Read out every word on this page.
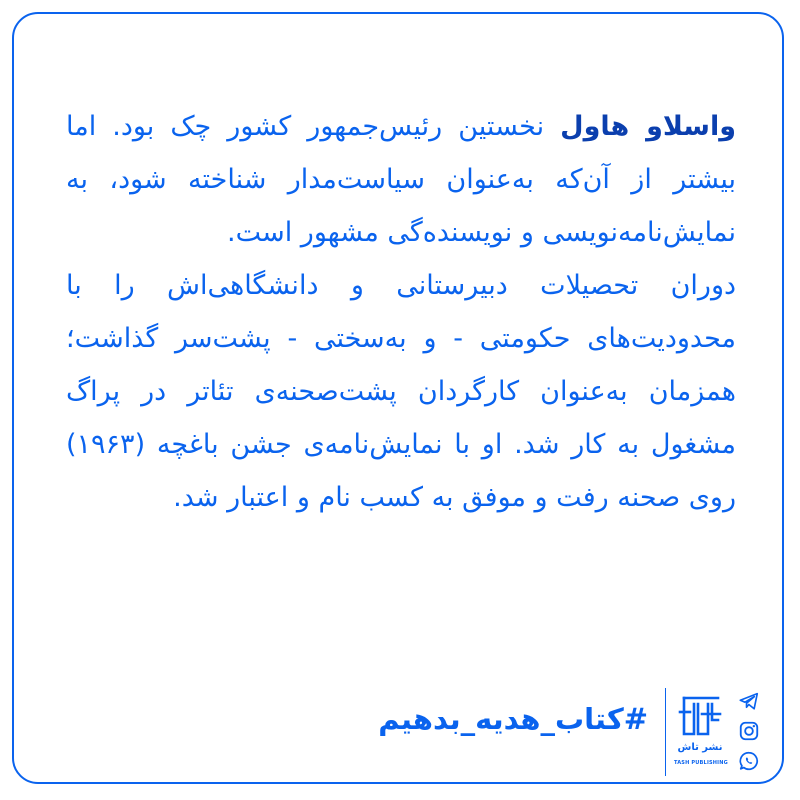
واسلاو هاول نخستین رئیس‌جمهور کشور چک بود. اما بیشتر از آن‌که به‌عنوان سیاست‌مدار شناخته شود، به نمایش‌نامه‌نویسی و نویسنده‌گی مشهور است.

دوران تحصیلات دبیرستانی و دانشگاهی‌اش را با محدودیت‌های حکومتی - و به‌سختی - پشت‌سر گذاشت؛ همزمان به‌عنوان کارگردان پشت‌صحنه‌ی تئاتر در پراگ مشغول به کار شد. او با نمایش‌نامه‌ی جشن باغچه (۱۹۶۳) روی صحنه رفت و موفق به کسب نام و اعتبار شد.

#کتاب_هدیه_بدهیم
نشر تاش
TASH PUBLISHING
